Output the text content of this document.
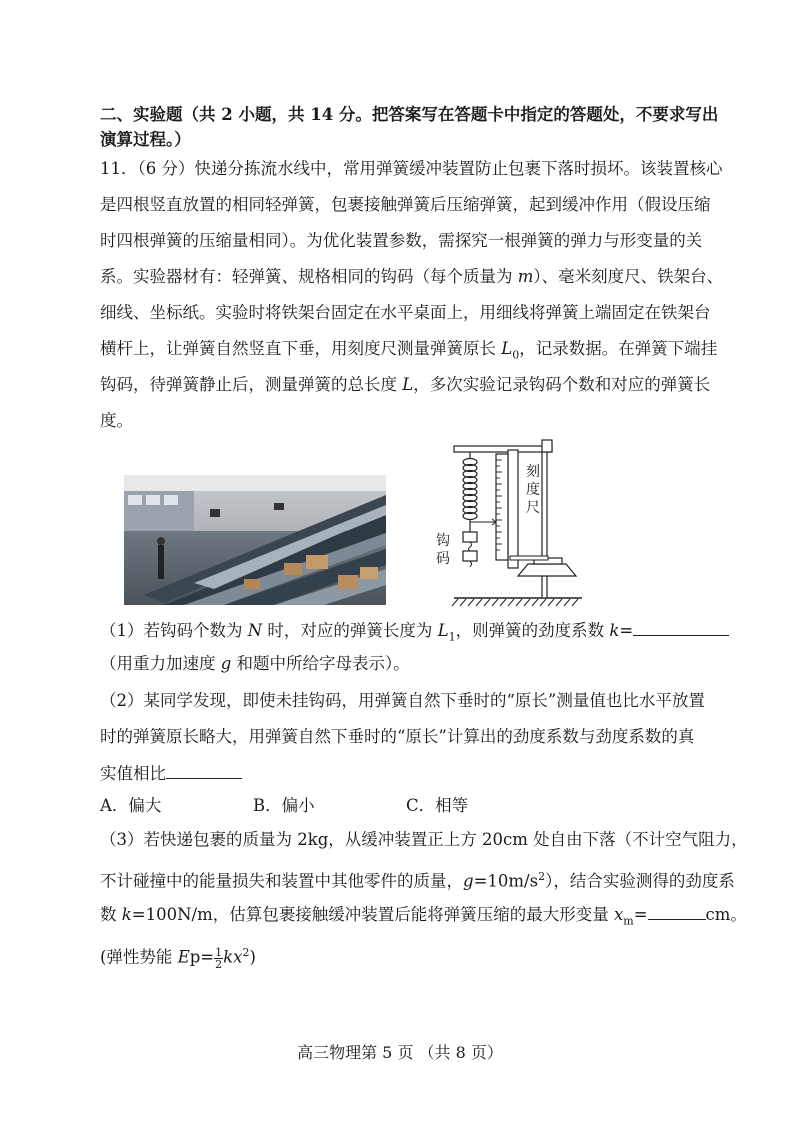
二、实验题（共 2 小题，共 14 分。把答案写在答题卡中指定的答题处，不要求写出
演算过程。）
11．（6 分）快递分拣流水线中，常用弹簧缓冲装置防止包裹下落时损坏。该装置核心
是四根竖直放置的相同轻弹簧，包裹接触弹簧后压缩弹簧，起到缓冲作用（假设压缩
时四根弹簧的压缩量相同）。为优化装置参数，需探究一根弹簧的弹力与形变量的关
系。实验器材有：轻弹簧、规格相同的钩码（每个质量为 m）、毫米刻度尺、铁架台、
细线、坐标纸。实验时将铁架台固定在水平桌面上，用细线将弹簧上端固定在铁架台
横杆上，让弹簧自然竖直下垂，用刻度尺测量弹簧原长 $L_0$，记录数据。在弹簧下端挂
钩码，待弹簧静止后，测量弹簧的总长度 L，多次实验记录钩码个数和对应的弹簧长
度。
刻
度
尺
钩
码
（1）若钩码个数为 N 时，对应的弹簧长度为 $L_1$，则弹簧的劲度系数 k=
（用重力加速度 g 和题中所给字母表示）。
（2）某同学发现，即使未挂钩码，用弹簧自然下垂时的“原长”测量值也比水平放置
时的弹簧原长略大，用弹簧自然下垂时的“原长”计算出的劲度系数与劲度系数的真
实值相比
A．偏大	B．偏小	C．相等
（3）若快递包裹的质量为 2kg，从缓冲装置正上方 20cm 处自由下落（不计空气阻力，
不计碰撞中的能量损失和装置中其他零件的质量，$g=10m/s^2$），结合实验测得的劲度系
数 k=100N/m，估算包裹接触缓冲装置后能将弹簧压缩的最大形变量 $x_m=$	cm。
(弹性势能 $Ep= \frac{1}{2} kx^2$)
高三物理第 5 页 （共 8 页）
